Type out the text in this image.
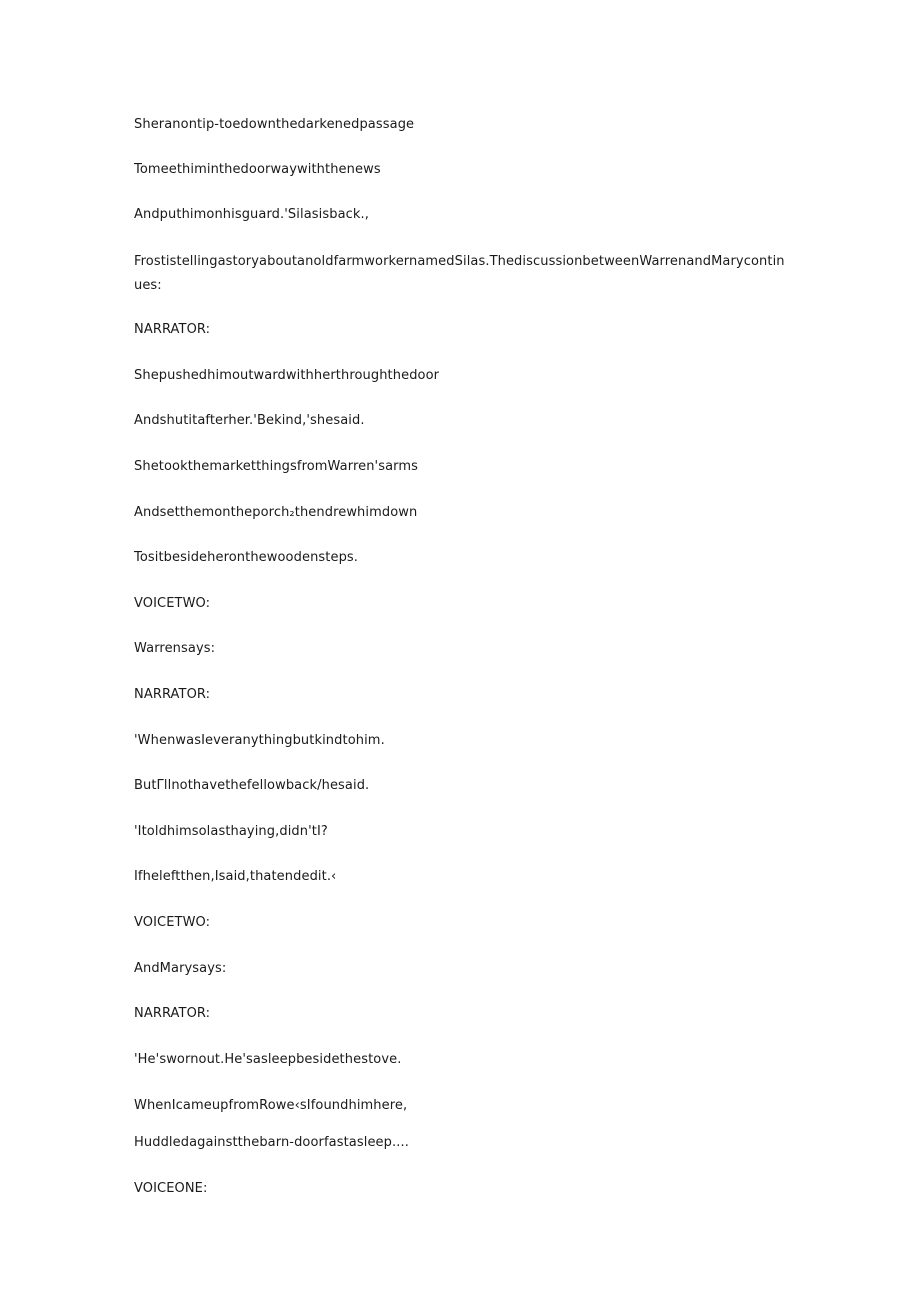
Sheranontip-toedownthedarkenedpassage
Tomeethiminthedoorwaywiththenews
Andputhimonhisguard.'Silasisback.,
FrostistellingastoryaboutanoldfarmworkernamedSilas.ThediscussionbetweenWarrenandMarycontinues:
NARRATOR:
Shepushedhimoutwardwithherthroughthedoor
Andshutitafterher.'Bekind,'shesaid.
ShetookthemarketthingsfromWarren'sarms
Andsetthemontheporch₂thendrewhimdown
Tositbesideheronthewoodensteps.
VOICETWO:
Warrensays:
NARRATOR:
'WhenwasIeveranythingbutkindtohim.
ButΓllnothavethefellowback/hesaid.
'Itoldhimsolasthaying,didn'tI?
Ifheleftthen,Isaid,thatendedit.‹
VOICETWO:
AndMarysays:
NARRATOR:
'He'swornout.He'sasleepbesidethestove.
WhenIcameupfromRowe‹sIfoundhimhere,
Huddledagainstthebarn-doorfastasleep....
VOICEONE:
